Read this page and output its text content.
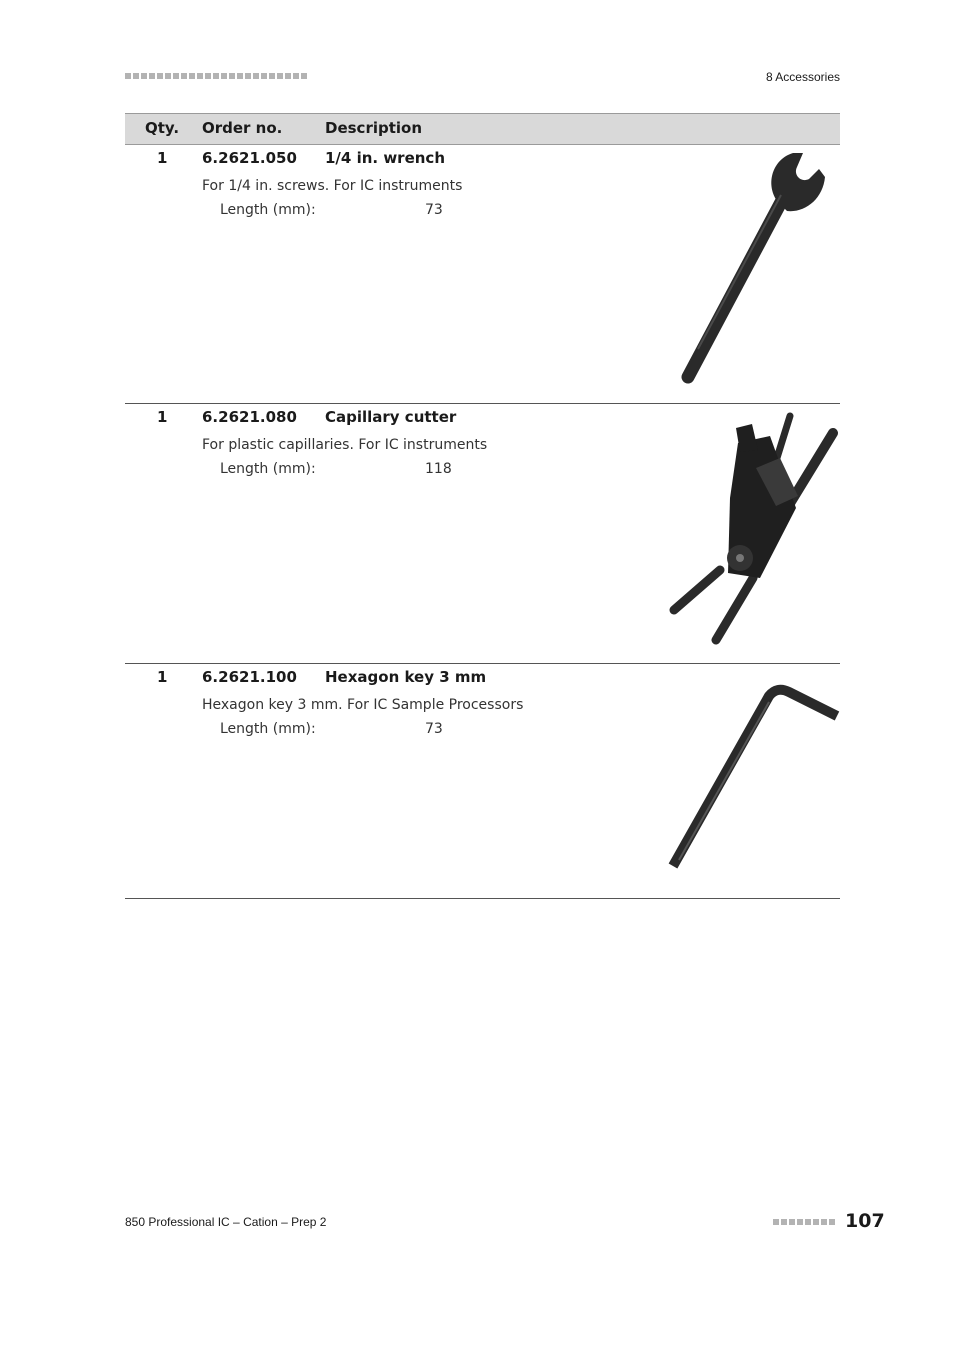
8 Accessories
Qty. Order no.	Description
1 6.2621.050 1/4 in. wrench
For 1/4 in. screws. For IC instruments
Length (mm):	73
1 6.2621.080 Capillary cutter
For plastic capillaries. For IC instruments
Length (mm):	118
1 6.2621.100 Hexagon key 3 mm
Hexagon key 3 mm. For IC Sample Processors
Length (mm):	73
850 Professional IC – Cation – Prep 2	107
